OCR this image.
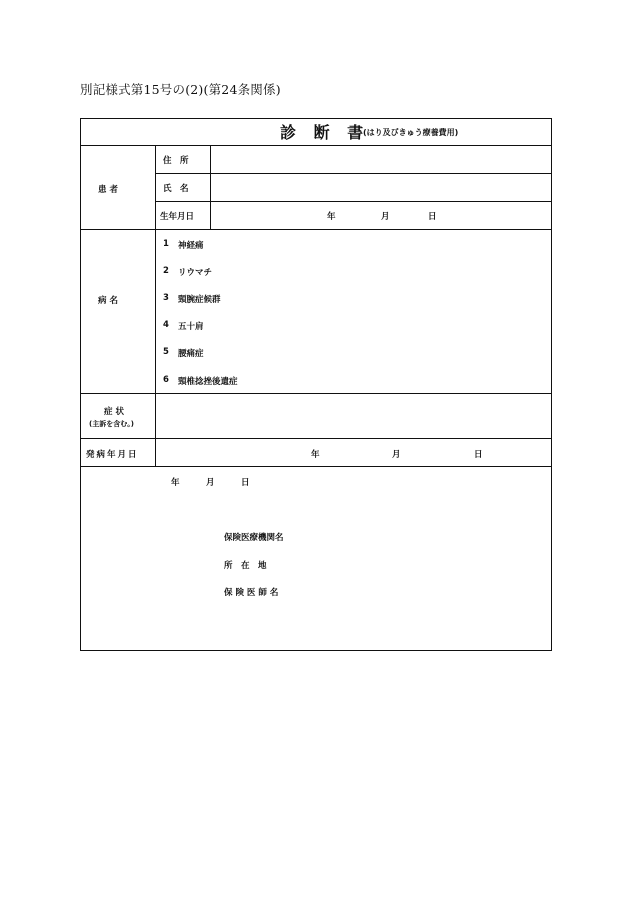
別記様式第15号の(2)(第24条関係)
診 断 書
(はり及びきゅう療養費用)
患 者
住　所
氏　名
生年月日	年	月	日
病 名
1 神経痛
2 リウマチ
3 頸腕症候群
4 五十肩
5 腰痛症
6 頸椎捻挫後遺症
症 状
(主訴を含む。)
発病年月日	年	月	日
年	月	日
保険医療機関名
所　在　地
保 険 医 師 名
